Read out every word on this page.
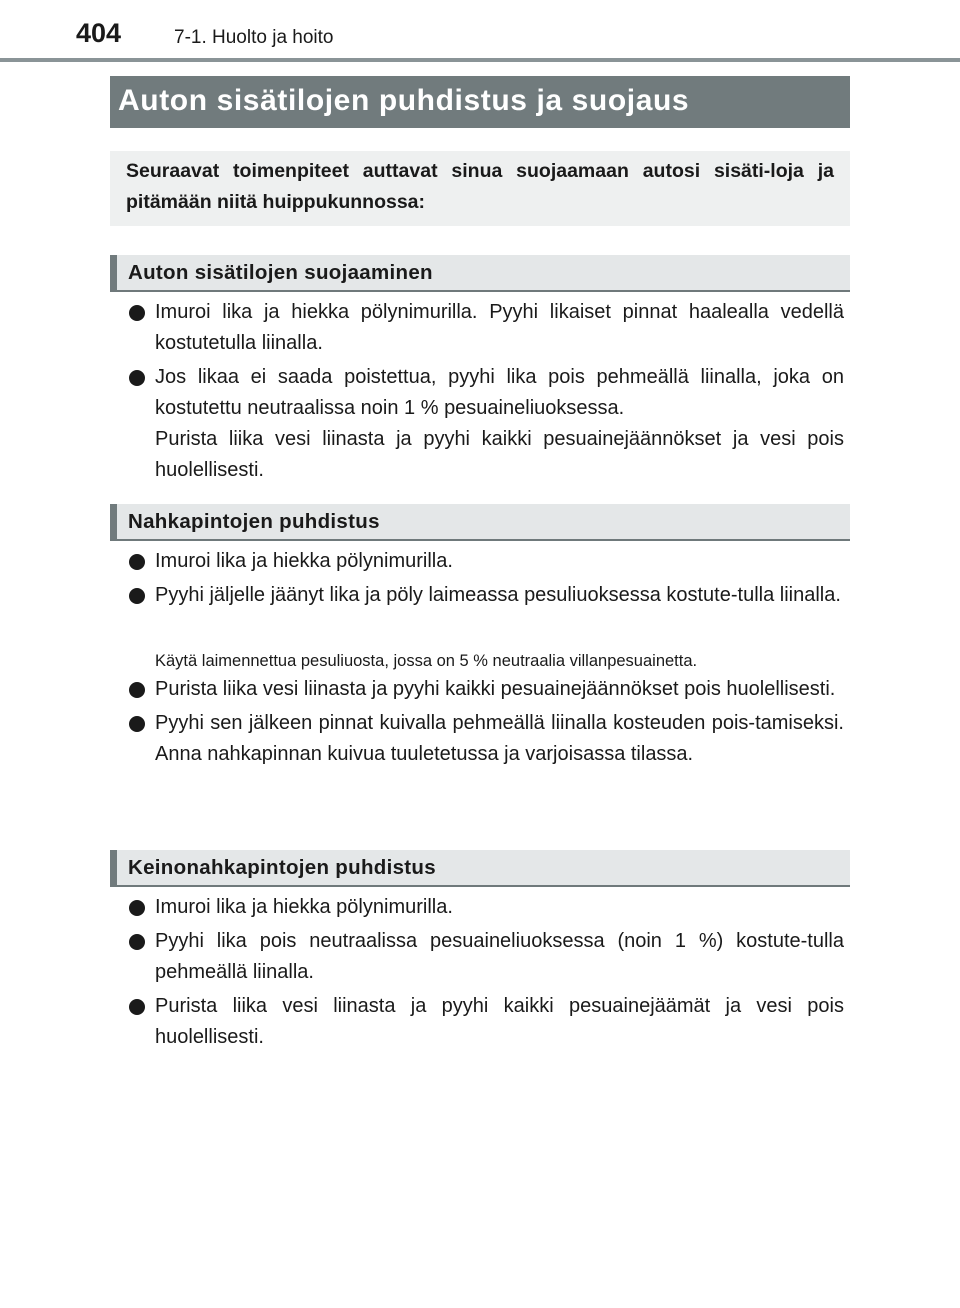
404	7-1. Huolto ja hoito
Auton sisätilojen puhdistus ja suojaus
Seuraavat toimenpiteet auttavat sinua suojaamaan autosi sisäti-loja ja pitämään niitä huippukunnossa:
Auton sisätilojen suojaaminen

Imuroi lika ja hiekka pölynimurilla. Pyyhi likaiset pinnat haalealla vedellä kostutetulla liinalla.

Jos likaa ei saada poistettua, pyyhi lika pois pehmeällä liinalla, joka on kostutettu neutraalissa noin 1 % pesuaineliuoksessa.

Purista liika vesi liinasta ja pyyhi kaikki pesuainejäännökset ja vesi pois huolellisesti.

Nahkapintojen puhdistus

Imuroi lika ja hiekka pölynimurilla.

Pyyhi jäljelle jäänyt lika ja pöly laimeassa pesuliuoksessa kostute-tulla liinalla.

Käytä laimennettua pesuliuosta, jossa on 5 % neutraalia villanpesuainetta.

Purista liika vesi liinasta ja pyyhi kaikki pesuainejäännökset pois huolellisesti.

Pyyhi sen jälkeen pinnat kuivalla pehmeällä liinalla kosteuden pois-tamiseksi. Anna nahkapinnan kuivua tuuletetussa ja varjoisassa tilassa.

Keinonahkapintojen puhdistus

Imuroi lika ja hiekka pölynimurilla.

Pyyhi lika pois neutraalissa pesuaineliuoksessa (noin 1 %) kostute-tulla pehmeällä liinalla.

Purista liika vesi liinasta ja pyyhi kaikki pesuainejäämät ja vesi pois huolellisesti.
